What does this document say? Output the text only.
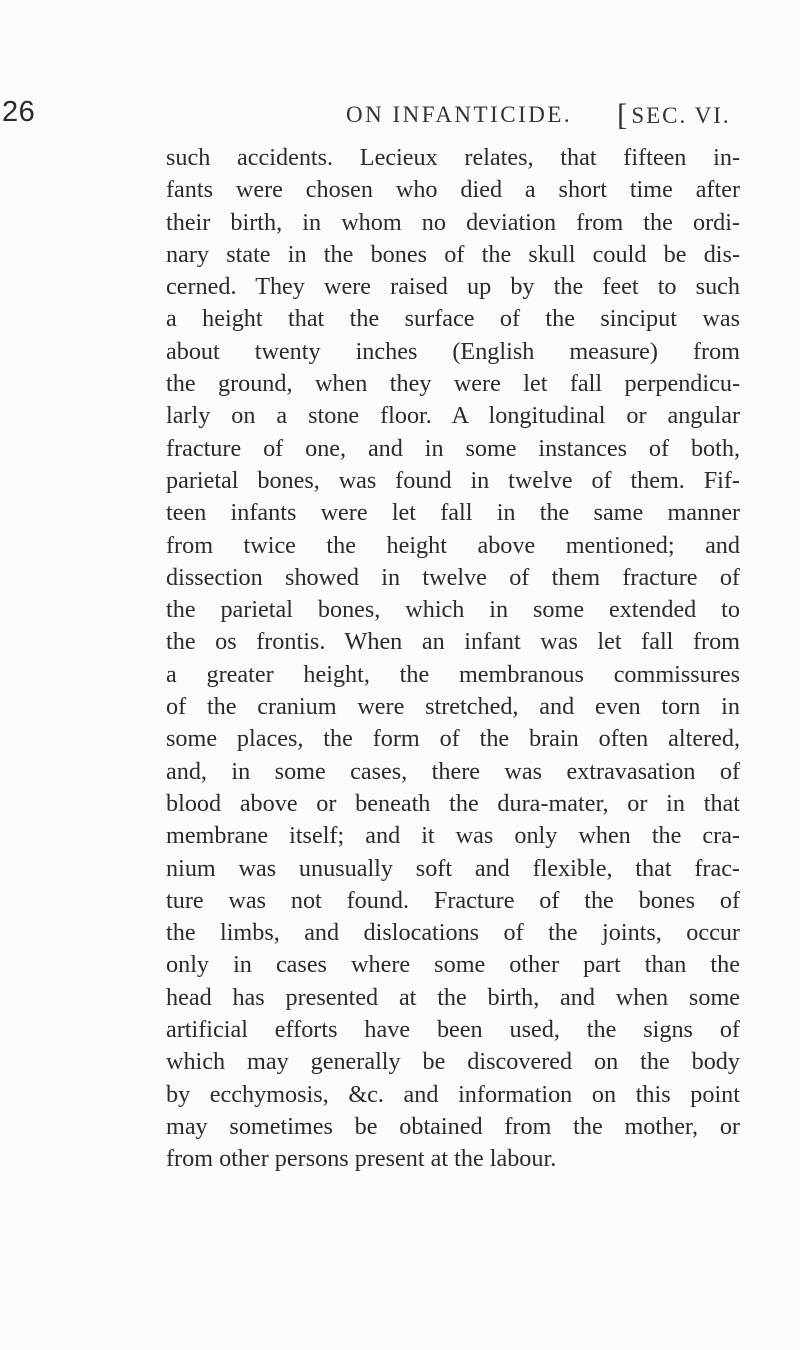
26	ON INFANTICIDE. [SEC. VI.
such accidents. Lecieux relates, that fifteen in-
fants were chosen who died a short time after
their birth, in whom no deviation from the ordi-
nary state in the bones of the skull could be dis-
cerned. They were raised up by the feet to such
a height that the surface of the sinciput was
about twenty inches (English measure) from
the ground, when they were let fall perpendicu-
larly on a stone floor. A longitudinal or angular
fracture of one, and in some instances of both,
parietal bones, was found in twelve of them. Fif-
teen infants were let fall in the same manner
from twice the height above mentioned; and
dissection showed in twelve of them fracture of
the parietal bones, which in some extended to
the os frontis. When an infant was let fall from
a greater height, the membranous commissures
of the cranium were stretched, and even torn in
some places, the form of the brain often altered,
and, in some cases, there was extravasation of
blood above or beneath the dura-mater, or in that
membrane itself; and it was only when the cra-
nium was unusually soft and flexible, that frac-
ture was not found. Fracture of the bones of
the limbs, and dislocations of the joints, occur
only in cases where some other part than the
head has presented at the birth, and when some
artificial efforts have been used, the signs of
which may generally be discovered on the body
by ecchymosis, &c. and information on this point
may sometimes be obtained from the mother, or
from other persons present at the labour.
